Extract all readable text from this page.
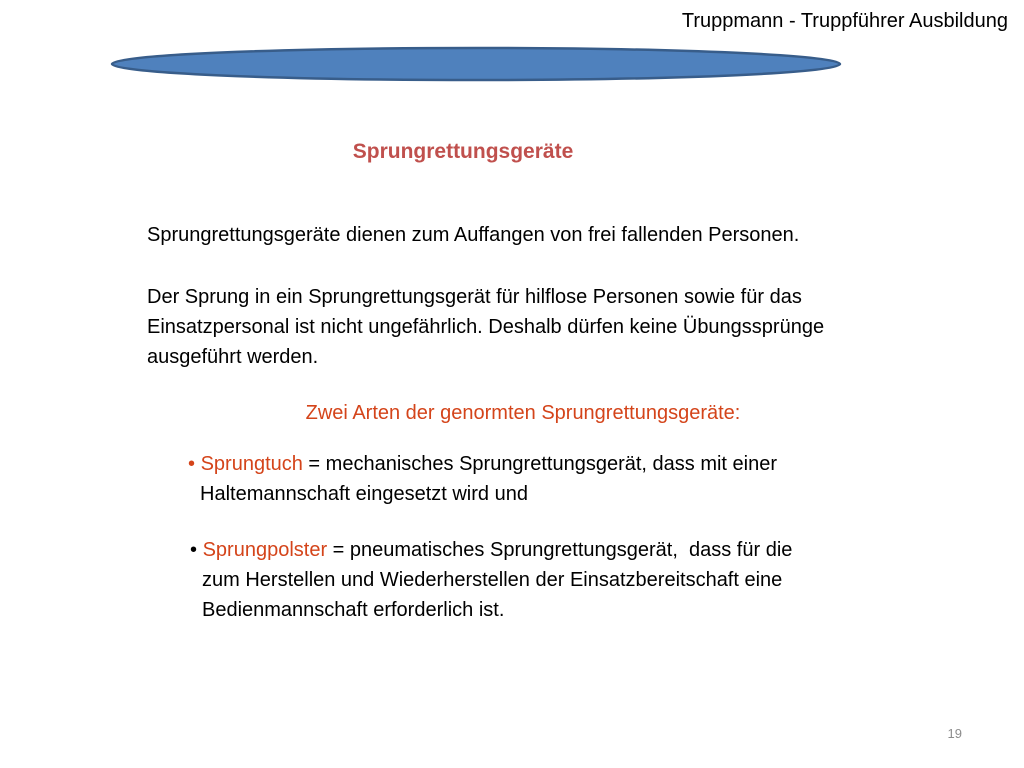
Truppmann - Truppführer Ausbildung
Sprungrettungsgeräte
Sprungrettungsgeräte dienen zum Auffangen von frei fallenden Personen.
Der Sprung in ein Sprungrettungsgerät für hilflose Personen sowie für das
Einsatzpersonal ist nicht ungefährlich. Deshalb dürfen keine Übungssprünge
ausgeführt werden.
Zwei Arten der genormten Sprungrettungsgeräte:
• Sprungtuch = mechanisches Sprungrettungsgerät, dass mit einer
Haltemannschaft eingesetzt wird und
• Sprungpolster = pneumatisches Sprungrettungsgerät,  dass für die
zum Herstellen und Wiederherstellen der Einsatzbereitschaft eine
Bedienmannschaft erforderlich ist.
19
